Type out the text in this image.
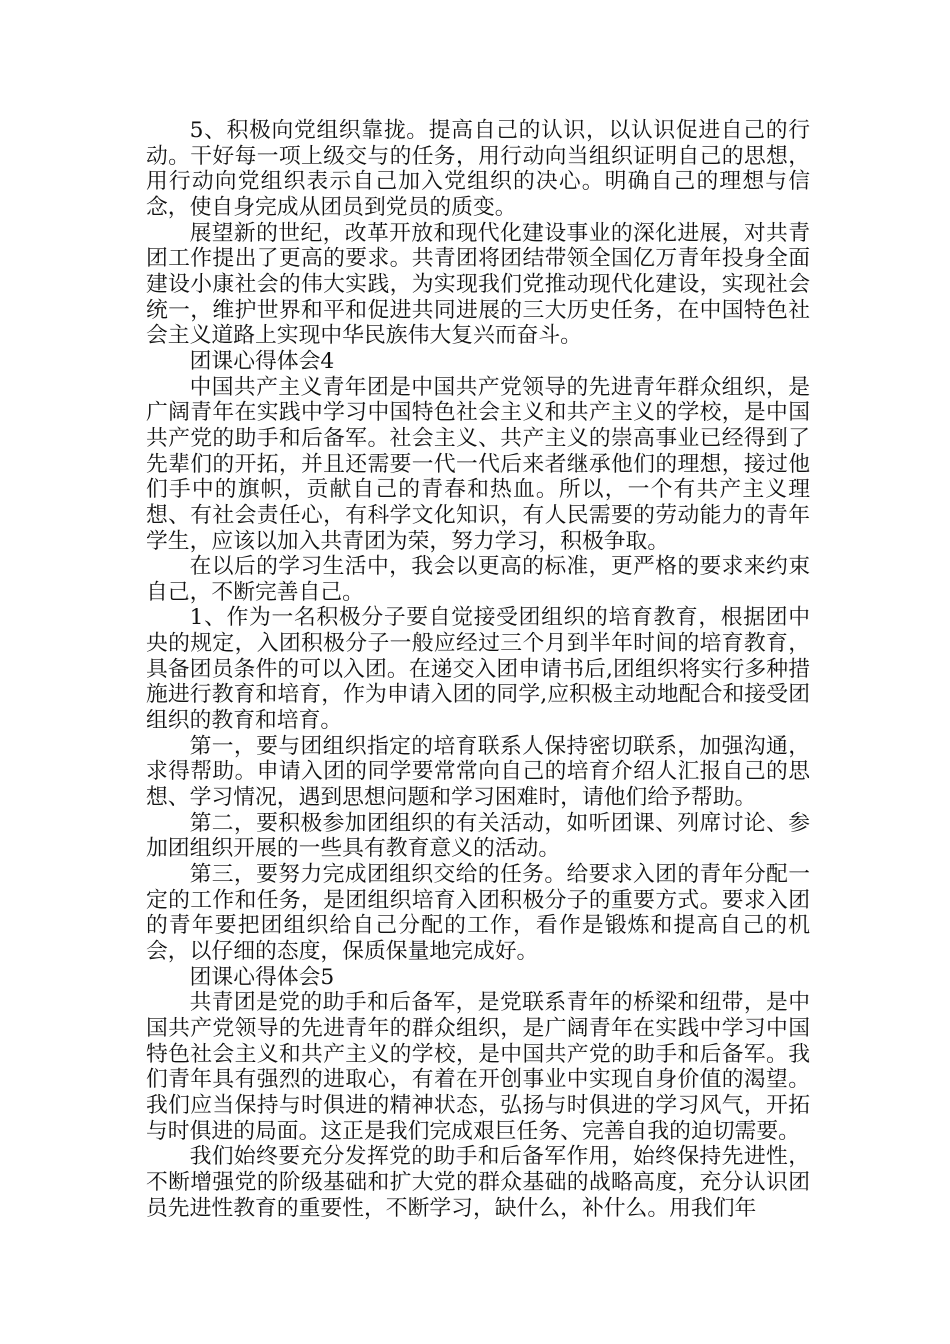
5、积极向党组织靠拢。提高自己的认识，以认识促进自己的行动。干好每一项上级交与的任务，用行动向当组织证明自己的思想，用行动向党组织表示自己加入党组织的决心。明确自己的理想与信念，使自身完成从团员到党员的质变。

展望新的世纪，改革开放和现代化建设事业的深化进展，对共青团工作提出了更高的要求。共青团将团结带领全国亿万青年投身全面建设小康社会的伟大实践，为实现我们党推动现代化建设，实现社会统一，维护世界和平和促进共同进展的三大历史任务，在中国特色社会主义道路上实现中华民族伟大复兴而奋斗。

团课心得体会4

中国共产主义青年团是中国共产党领导的先进青年群众组织，是广阔青年在实践中学习中国特色社会主义和共产主义的学校，是中国共产党的助手和后备军。社会主义、共产主义的崇高事业已经得到了先辈们的开拓，并且还需要一代一代后来者继承他们的理想，接过他们手中的旗帜，贡献自己的青春和热血。所以，一个有共产主义理想、有社会责任心，有科学文化知识，有人民需要的劳动能力的青年学生，应该以加入共青团为荣，努力学习，积极争取。

在以后的学习生活中，我会以更高的标准，更严格的要求来约束自己，不断完善自己。

1、作为一名积极分子要自觉接受团组织的培育教育，根据团中央的规定，入团积极分子一般应经过三个月到半年时间的培育教育，具备团员条件的可以入团。在递交入团申请书后,团组织将实行多种措施进行教育和培育，作为申请入团的同学,应积极主动地配合和接受团组织的教育和培育。

第一，要与团组织指定的培育联系人保持密切联系，加强沟通，求得帮助。申请入团的同学要常常向自己的培育介绍人汇报自己的思想、学习情况，遇到思想问题和学习困难时，请他们给予帮助。

第二，要积极参加团组织的有关活动，如听团课、列席讨论、参加团组织开展的一些具有教育意义的活动。

第三，要努力完成团组织交给的任务。给要求入团的青年分配一定的工作和任务，是团组织培育入团积极分子的重要方式。要求入团的青年要把团组织给自己分配的工作，看作是锻炼和提高自己的机会，以仔细的态度，保质保量地完成好。

团课心得体会5

共青团是党的助手和后备军，是党联系青年的桥梁和纽带，是中国共产党领导的先进青年的群众组织，是广阔青年在实践中学习中国特色社会主义和共产主义的学校，是中国共产党的助手和后备军。我们青年具有强烈的进取心，有着在开创事业中实现自身价值的渴望。我们应当保持与时俱进的精神状态，弘扬与时俱进的学习风气，开拓与时俱进的局面。这正是我们完成艰巨任务、完善自我的迫切需要。

我们始终要充分发挥党的助手和后备军作用，始终保持先进性，不断增强党的阶级基础和扩大党的群众基础的战略高度，充分认识团员先进性教育的重要性，不断学习，缺什么，补什么。用我们年
